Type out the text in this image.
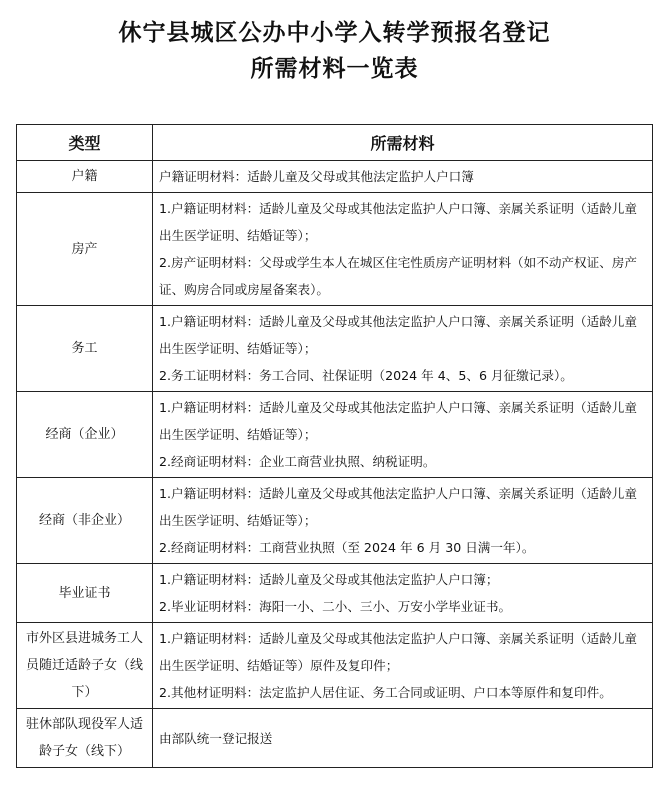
休宁县城区公办中小学入转学预报名登记
所需材料一览表
类型	所需材料
户籍	户籍证明材料：适龄儿童及父母或其他法定监护人户口簿

房产	1.户籍证明材料：适龄儿童及父母或其他法定监护人户口簿、亲属关系证明（适龄儿童出生医学证明、结婚证等）；
2.房产证明材料：父母或学生本人在城区住宅性质房产证明材料（如不动产权证、房产证、购房合同或房屋备案表）。

务工	1.户籍证明材料：适龄儿童及父母或其他法定监护人户口簿、亲属关系证明（适龄儿童出生医学证明、结婚证等）；
2.务工证明材料：务工合同、社保证明（2024 年 4、5、6 月征缴记录）。

经商（企业）	1.户籍证明材料：适龄儿童及父母或其他法定监护人户口簿、亲属关系证明（适龄儿童出生医学证明、结婚证等）；
2.经商证明材料：企业工商营业执照、纳税证明。

经商（非企业）	1.户籍证明材料：适龄儿童及父母或其他法定监护人户口簿、亲属关系证明（适龄儿童出生医学证明、结婚证等）；
2.经商证明材料：工商营业执照（至 2024 年 6 月 30 日满一年）。

毕业证书	1.户籍证明材料：适龄儿童及父母或其他法定监护人户口簿；
2.毕业证明材料：海阳一小、二小、三小、万安小学毕业证书。

市外区县进城务工人员随迁适龄子女（线下）	1.户籍证明材料：适龄儿童及父母或其他法定监护人户口簿、亲属关系证明（适龄儿童出生医学证明、结婚证等）原件及复印件；
2.其他材证明料：法定监护人居住证、务工合同或证明、户口本等原件和复印件。

驻休部队现役军人适龄子女（线下）	由部队统一登记报送
